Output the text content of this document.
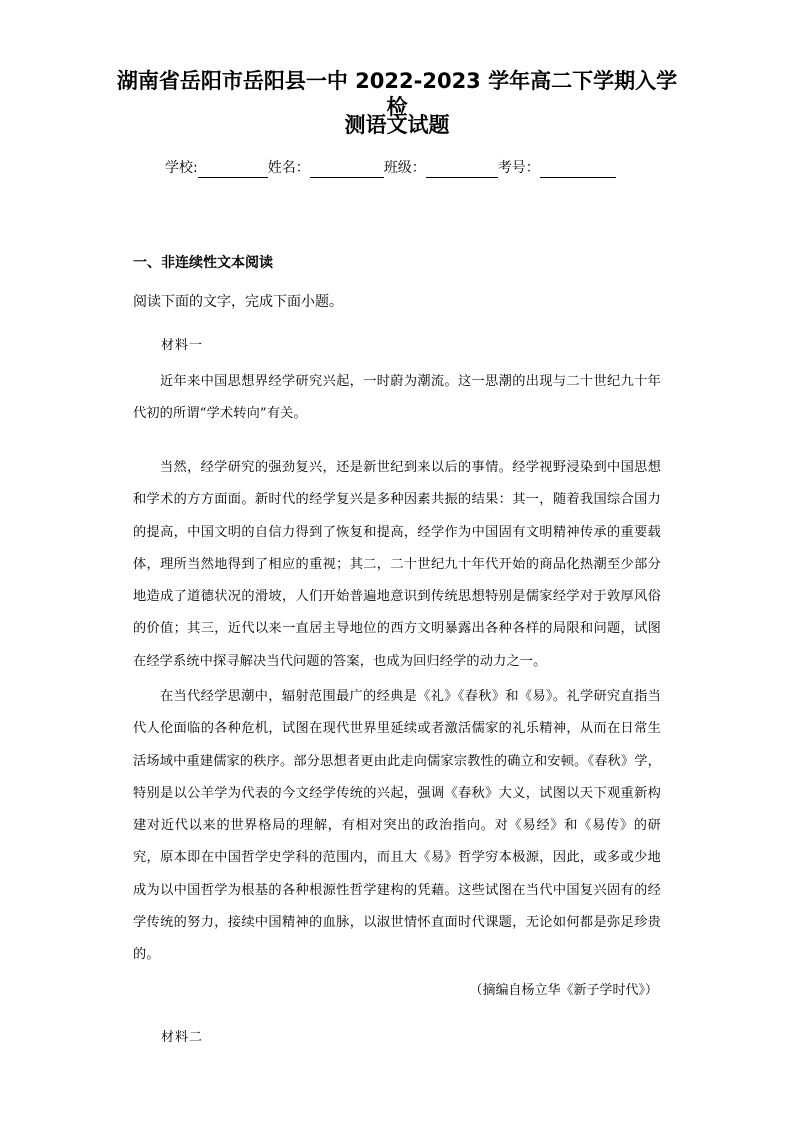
湖南省岳阳市岳阳县一中 2022-2023 学年高二下学期入学检
测语文试题
学校:	姓名：	班级：	考号：
一、非连续性文本阅读
阅读下面的文字，完成下面小题。
材料一
近年来中国思想界经学研究兴起，一时蔚为潮流。这一思潮的出现与二十世纪九十年代初的所谓“学术转向”有关。
当然，经学研究的强劲复兴，还是新世纪到来以后的事情。经学视野浸染到中国思想和学术的方方面面。新时代的经学复兴是多种因素共振的结果：其一，随着我国综合国力的提高，中国文明的自信力得到了恢复和提高，经学作为中国固有文明精神传承的重要载体，理所当然地得到了相应的重视；其二，二十世纪九十年代开始的商品化热潮至少部分地造成了道德状况的滑坡，人们开始普遍地意识到传统思想特别是儒家经学对于敦厚风俗的价值；其三，近代以来一直居主导地位的西方文明暴露出各种各样的局限和问题，试图在经学系统中探寻解决当代问题的答案，也成为回归经学的动力之一。
在当代经学思潮中，辐射范围最广的经典是《礼》《春秋》和《易》。礼学研究直指当代人伦面临的各种危机，试图在现代世界里延续或者激活儒家的礼乐精神，从而在日常生活场域中重建儒家的秩序。部分思想者更由此走向儒家宗教性的确立和安顿。《春秋》学，特别是以公羊学为代表的今文经学传统的兴起，强调《春秋》大义，试图以天下观重新构建对近代以来的世界格局的理解，有相对突出的政治指向。对《易经》和《易传》的研究，原本即在中国哲学史学科的范围内，而且大《易》哲学穷本极源，因此，或多或少地成为以中国哲学为根基的各种根源性哲学建构的凭藉。这些试图在当代中国复兴固有的经学传统的努力，接续中国精神的血脉，以淑世情怀直面时代课题，无论如何都是弥足珍贵的。
（摘编自杨立华《新子学时代》）
材料二
